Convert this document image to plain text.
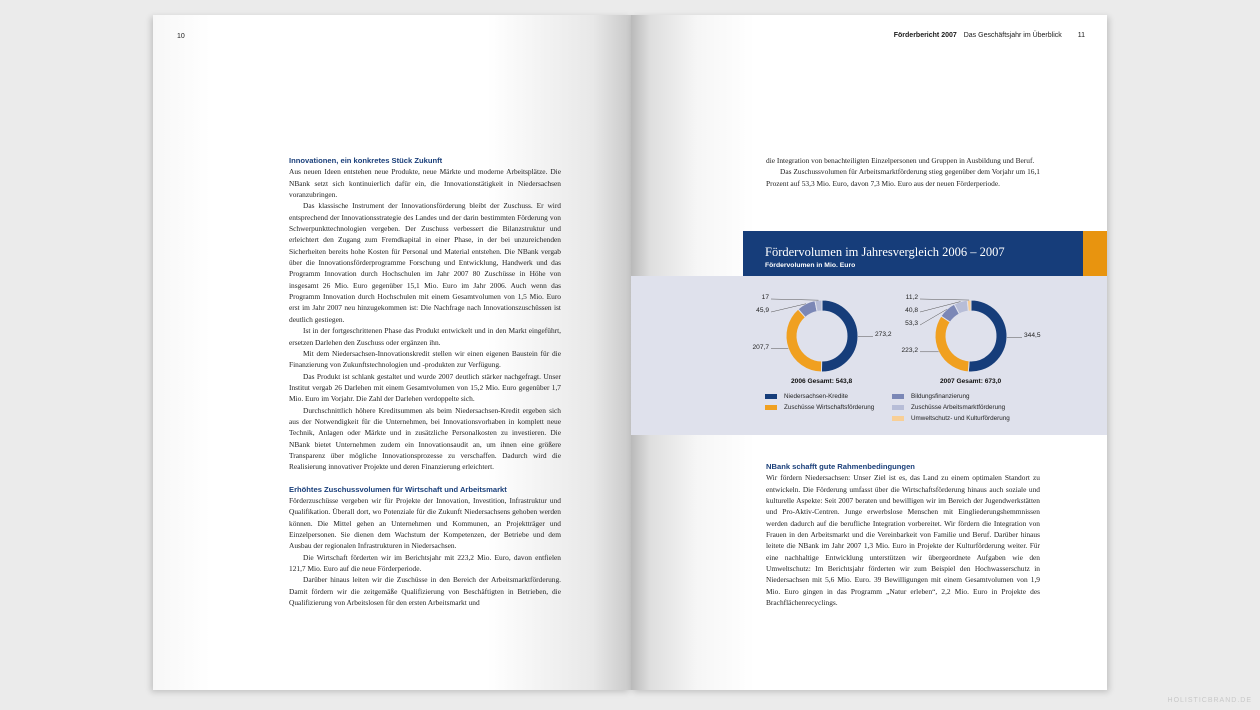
10
Innovationen, ein konkretes Stück Zukunft

Aus neuen Ideen entstehen neue Produkte, neue Märkte und moderne Arbeitsplätze. Die NBank setzt sich kontinuierlich dafür ein, die Innovationstätigkeit in Niedersachsen voranzubringen.

Das klassische Instrument der Innovationsförderung bleibt der Zuschuss. Er wird entsprechend der Innovationsstrategie des Landes und der darin bestimmten Förderung von Schwerpunkttechnologien vergeben. Der Zuschuss verbessert die Bilanzstruktur und erleichtert den Zugang zum Fremdkapital in einer Phase, in der bei unzureichenden Sicherheiten bereits hohe Kosten für Personal und Material entstehen. Die NBank vergab über die Innovationsförderprogramme Forschung und Entwicklung, Handwerk und das Programm Innovation durch Hochschulen im Jahr 2007 80 Zuschüsse in Höhe von insgesamt 26 Mio. Euro gegenüber 15,1 Mio. Euro im Jahr 2006. Auch wenn das Programm Innovation durch Hochschulen mit einem Gesamtvolumen von 1,5 Mio. Euro erst im Jahr 2007 neu hinzugekommen ist: Die Nachfrage nach Innovationszuschüssen ist deutlich gestiegen.

Ist in der fortgeschrittenen Phase das Produkt entwickelt und in den Markt eingeführt, ersetzen Darlehen den Zuschuss oder ergänzen ihn.

Mit dem Niedersachsen-Innovationskredit stellen wir einen eigenen Baustein für die Finanzierung von Zukunftstechnologien und -produkten zur Verfügung.

Das Produkt ist schlank gestaltet und wurde 2007 deutlich stärker nachgefragt. Unser Institut vergab 26 Darlehen mit einem Gesamtvolumen von 15,2 Mio. Euro gegenüber 1,7 Mio. Euro im Vorjahr. Die Zahl der Darlehen verdoppelte sich.

Durchschnittlich höhere Kreditsummen als beim Niedersachsen-Kredit ergeben sich aus der Notwendigkeit für die Unternehmen, bei Innovationsvorhaben in komplett neue Technik, Anlagen oder Märkte und in zusätzliche Personalkosten zu investieren. Die NBank bietet Unternehmen zudem ein Innovationsaudit an, um ihnen eine größere Transparenz über mögliche Innovationsprozesse zu verschaffen. Dadurch wird die Realisierung innovativer Projekte und deren Finanzierung erleichtert.

Erhöhtes Zuschussvolumen für Wirtschaft und Arbeitsmarkt

Förderzuschüsse vergeben wir für Projekte der Innovation, Investition, Infrastruktur und Qualifikation. Überall dort, wo Potenziale für die Zukunft Niedersachsens gehoben werden können. Die Mittel gehen an Unternehmen und Kommunen, an Projektträger und Einzelpersonen. Sie dienen dem Wachstum der Kompetenzen, der Betriebe und dem Ausbau der regionalen Infrastrukturen in Niedersachsen.

Die Wirtschaft förderten wir im Berichtsjahr mit 223,2 Mio. Euro, davon entfielen 121,7 Mio. Euro auf die neue Förderperiode.

Darüber hinaus leiten wir die Zuschüsse in den Bereich der Arbeitsmarktförderung. Damit fördern wir die zeitgemäße Qualifizierung von Beschäftigten in Betrieben, die Qualifizierung von Arbeitslosen für den ersten Arbeitsmarkt und

Förderbericht 2007 Das Geschäftsjahr im Überblick 11

die Integration von benachteiligten Einzelpersonen und Gruppen in Ausbildung und Beruf.

Das Zuschussvolumen für Arbeitsmarktförderung stieg gegenüber dem Vorjahr um 16,1 Prozent auf 53,3 Mio. Euro, davon 7,3 Mio. Euro aus der neuen Förderperiode.

NBank schafft gute Rahmenbedingungen

Wir fördern Niedersachsen: Unser Ziel ist es, das Land zu einem optimalen Standort zu entwickeln. Die Förderung umfasst über die Wirtschaftsförderung hinaus auch soziale und kulturelle Aspekte: Seit 2007 beraten und bewilligen wir im Bereich der Jugendwerkstätten und Pro-Aktiv-Centren. Junge erwerbslose Menschen mit Eingliederungshemmnissen werden dadurch auf die berufliche Integration vorbereitet. Wir fördern die Integration von Frauen in den Arbeitsmarkt und die Vereinbarkeit von Familie und Beruf. Darüber hinaus leitete die NBank im Jahr 2007 1,3 Mio. Euro in Projekte der Kulturförderung weiter. Für eine nachhaltige Entwicklung unterstützen wir übergeordnete Aufgaben wie den Umweltschutz: Im Berichtsjahr förderten wir zum Beispiel den Hochwasserschutz in Niedersachsen mit 5,6 Mio. Euro. 39 Bewilligungen mit einem Gesamtvolumen von 1,9 Mio. Euro gingen in das Programm „Natur erleben“, 2,2 Mio. Euro in Projekte des Brachflächenrecyclings.

Fördervolumen im Jahresvergleich 2006 – 2007
Fördervolumen in Mio. Euro
273,2
17
45,9
207,7
2006 Gesamt: 543,8
344,5
11,2
40,8
53,3
223,2
2007 Gesamt: 673,0
Niedersachsen-Kredite
Zuschüsse Wirtschaftsförderung
Bildungsfinanzierung
Zuschüsse Arbeitsmarktförderung
Umweltschutz- und Kulturförderung
HOLISTICBRAND.DE
